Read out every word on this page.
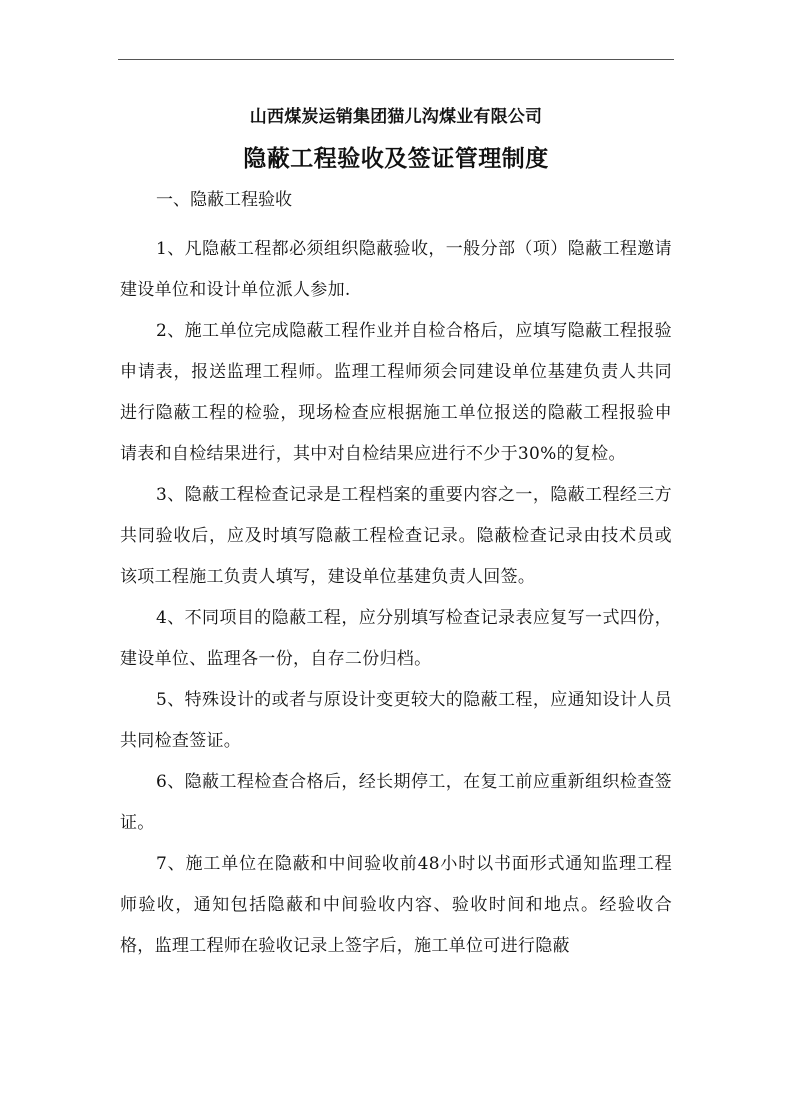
山西煤炭运销集团猫儿沟煤业有限公司
隐蔽工程验收及签证管理制度
一、隐蔽工程验收

1、凡隐蔽工程都必须组织隐蔽验收，一般分部（项）隐蔽工程邀请建设单位和设计单位派人参加.

2、施工单位完成隐蔽工程作业并自检合格后，应填写隐蔽工程报验申请表，报送监理工程师。监理工程师须会同建设单位基建负责人共同进行隐蔽工程的检验，现场检查应根据施工单位报送的隐蔽工程报验申请表和自检结果进行，其中对自检结果应进行不少于30%的复检。

3、隐蔽工程检查记录是工程档案的重要内容之一，隐蔽工程经三方共同验收后，应及时填写隐蔽工程检查记录。隐蔽检查记录由技术员或该项工程施工负责人填写，建设单位基建负责人回签。

4、不同项目的隐蔽工程，应分别填写检查记录表应复写一式四份，建设单位、监理各一份，自存二份归档。

5、特殊设计的或者与原设计变更较大的隐蔽工程，应通知设计人员共同检查签证。

6、隐蔽工程检查合格后，经长期停工，在复工前应重新组织检查签证。

7、施工单位在隐蔽和中间验收前48小时以书面形式通知监理工程师验收，通知包括隐蔽和中间验收内容、验收时间和地点。经验收合格，监理工程师在验收记录上签字后，施工单位可进行隐蔽
